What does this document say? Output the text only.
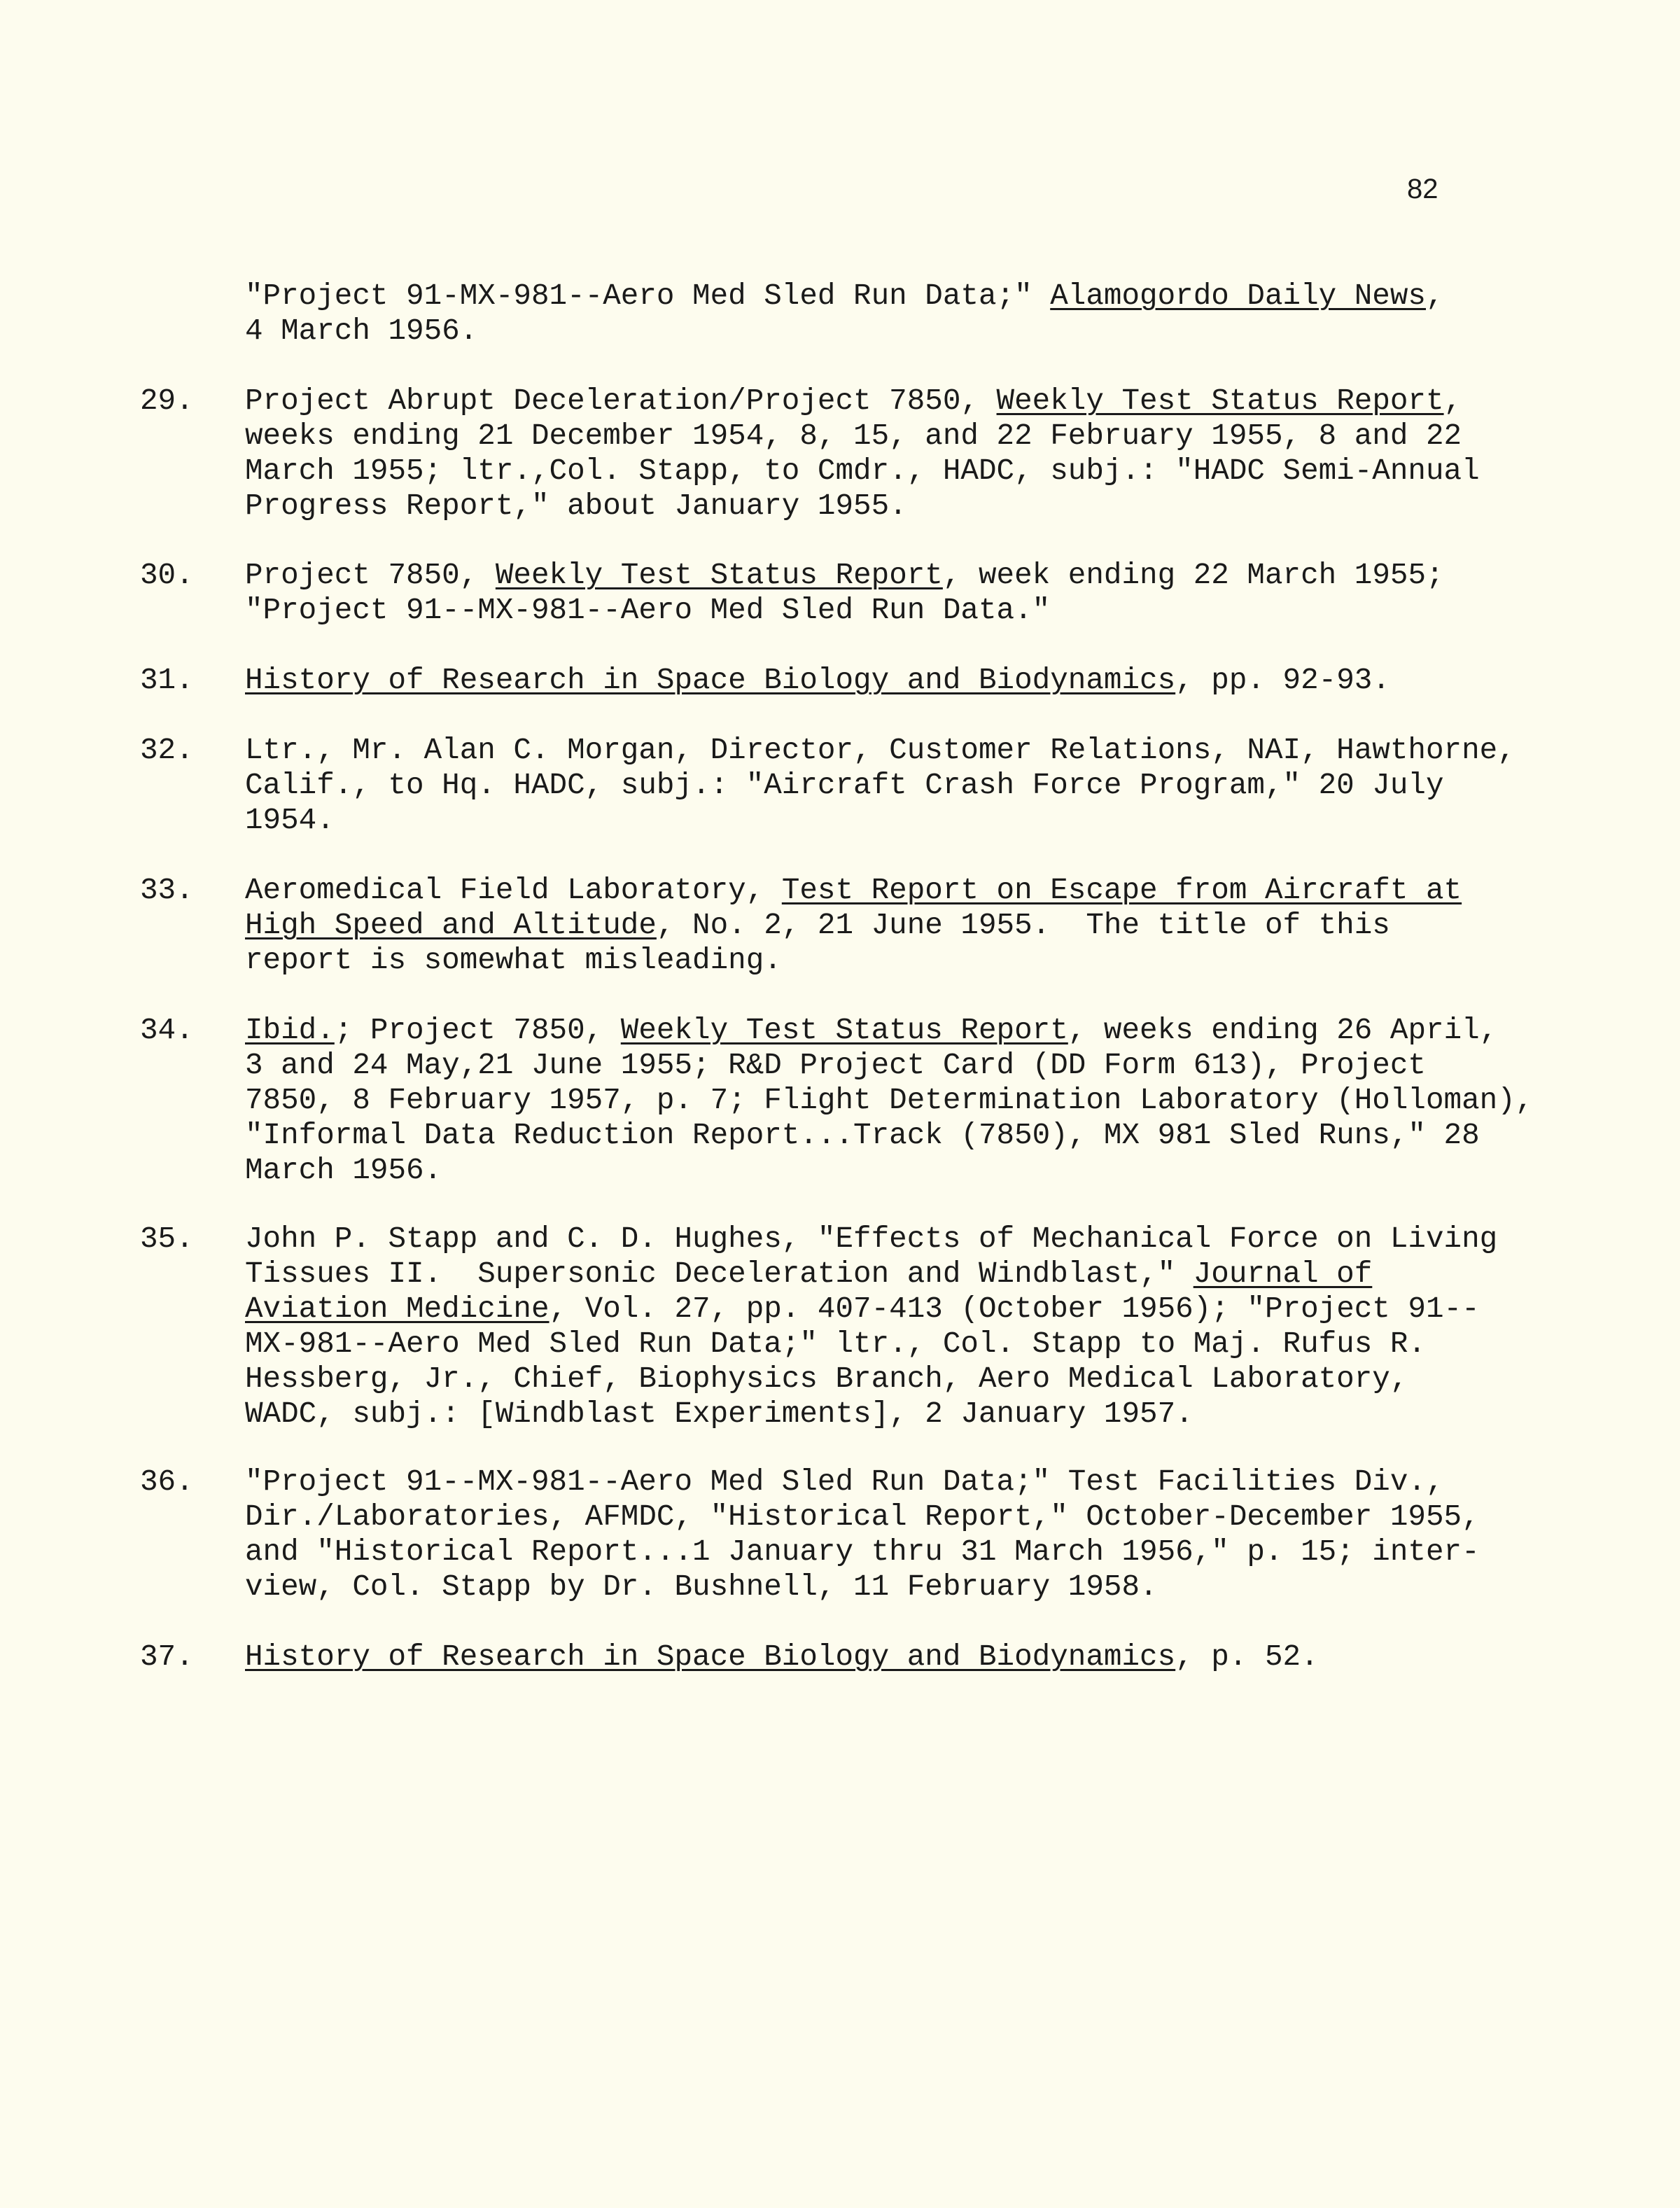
82
"Project 91-MX-981--Aero Med Sled Run Data;" Alamogordo Daily News,
4 March 1956.
29. Project Abrupt Deceleration/Project 7850, Weekly Test Status Report,
weeks ending 21 December 1954, 8, 15, and 22 February 1955, 8 and 22
March 1955; ltr.,Col. Stapp, to Cmdr., HADC, subj.: "HADC Semi-Annual
Progress Report," about January 1955.
30. Project 7850, Weekly Test Status Report, week ending 22 March 1955;
"Project 91--MX-981--Aero Med Sled Run Data."
31. History of Research in Space Biology and Biodynamics, pp. 92-93.
32. Ltr., Mr. Alan C. Morgan, Director, Customer Relations, NAI, Hawthorne,
Calif., to Hq. HADC, subj.: "Aircraft Crash Force Program," 20 July
1954.
33. Aeromedical Field Laboratory, Test Report on Escape from Aircraft at
High Speed and Altitude, No. 2, 21 June 1955.  The title of this
report is somewhat misleading.
34. Ibid.; Project 7850, Weekly Test Status Report, weeks ending 26 April,
3 and 24 May,21 June 1955; R&D Project Card (DD Form 613), Project
7850, 8 February 1957, p. 7; Flight Determination Laboratory (Holloman),
"Informal Data Reduction Report...Track (7850), MX 981 Sled Runs," 28
March 1956.
35. John P. Stapp and C. D. Hughes, "Effects of Mechanical Force on Living
Tissues II.  Supersonic Deceleration and Windblast," Journal of
Aviation Medicine, Vol. 27, pp. 407-413 (October 1956); "Project 91--
MX-981--Aero Med Sled Run Data;" ltr., Col. Stapp to Maj. Rufus R.
Hessberg, Jr., Chief, Biophysics Branch, Aero Medical Laboratory,
WADC, subj.: [Windblast Experiments], 2 January 1957.
36. "Project 91--MX-981--Aero Med Sled Run Data;" Test Facilities Div.,
Dir./Laboratories, AFMDC, "Historical Report," October-December 1955,
and "Historical Report...1 January thru 31 March 1956," p. 15; inter-
view, Col. Stapp by Dr. Bushnell, 11 February 1958.
37. History of Research in Space Biology and Biodynamics, p. 52.
